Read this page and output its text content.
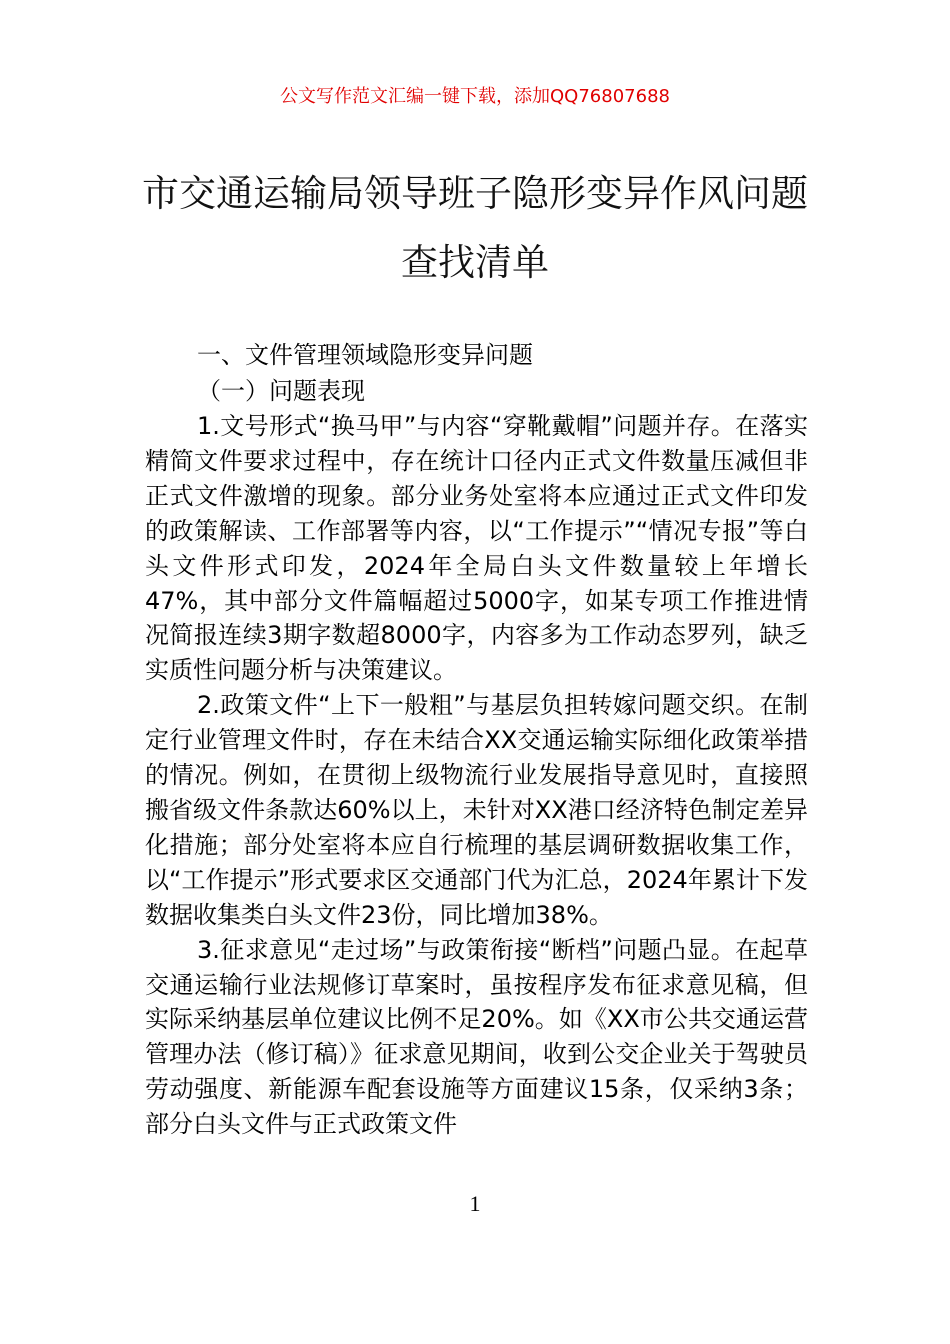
公文写作范文汇编一键下载，添加QQ76807688
市交通运输局领导班子隐形变异作风问题
查找清单

一、文件管理领域隐形变异问题

（一）问题表现

1.文号形式“换马甲”与内容“穿靴戴帽”问题并存。在落实精简文件要求过程中，存在统计口径内正式文件数量压减但非正式文件激增的现象。部分业务处室将本应通过正式文件印发的政策解读、工作部署等内容，以“工作提示”“情况专报”等白头文件形式印发，2024年全局白头文件数量较上年增长47%，其中部分文件篇幅超过5000字，如某专项工作推进情况简报连续3期字数超8000字，内容多为工作动态罗列，缺乏实质性问题分析与决策建议。

2.政策文件“上下一般粗”与基层负担转嫁问题交织。在制定行业管理文件时，存在未结合XX交通运输实际细化政策举措的情况。例如，在贯彻上级物流行业发展指导意见时，直接照搬省级文件条款达60%以上，未针对XX港口经济特色制定差异化措施；部分处室将本应自行梳理的基层调研数据收集工作，以“工作提示”形式要求区交通部门代为汇总，2024年累计下发数据收集类白头文件23份，同比增加38%。

3.征求意见“走过场”与政策衔接“断档”问题凸显。在起草交通运输行业法规修订草案时，虽按程序发布征求意见稿，但实际采纳基层单位建议比例不足20%。如《XX市公共交通运营管理办法（修订稿）》征求意见期间，收到公交企业关于驾驶员劳动强度、新能源车配套设施等方面建议15条，仅采纳3条；部分白头文件与正式政策文件

1
